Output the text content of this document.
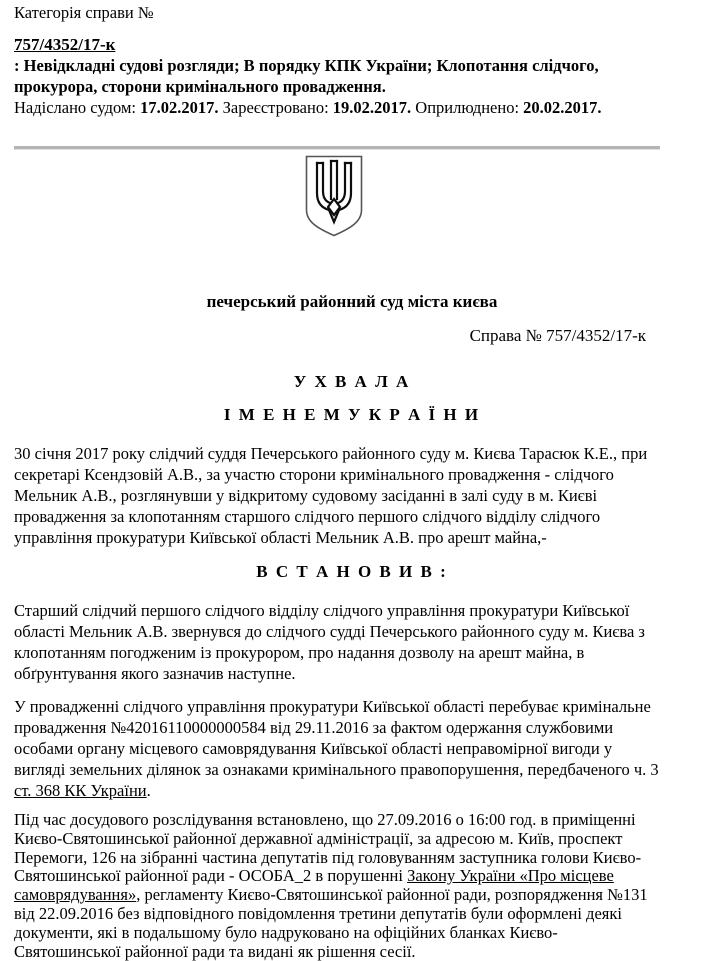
Категорія справи №
757/4352/17-к
: Невідкладні судові розгляди; В порядку КПК України; Клопотання слідчого, прокурора, сторони кримінального провадження.
Надіслано судом: 17.02.2017. Зареєстровано: 19.02.2017. Оприлюднено: 20.02.2017.
печерський районний суд міста києва
Справа № 757/4352/17-к
У Х В А Л А
І М Е Н Е М У К Р А Ї Н И

30 січня 2017 року слідчий суддя Печерського районного суду м. Києва Тарасюк К.Е., при секретарі Ксендзовій А.В., за участю сторони кримінального провадження - слідчого Мельник А.В., розглянувши у відкритому судовому засіданні в залі суду в м. Києві провадження за клопотанням старшого слідчого першого слідчого відділу слідчого управління прокуратури Київської області Мельник А.В. про арешт майна,-

В С Т А Н О В И В :

Старший слідчий першого слідчого відділу слідчого управління прокуратури Київської області Мельник А.В. звернувся до слідчого судді Печерського районного суду м. Києва з клопотанням погодженим із прокурором, про надання дозволу на арешт майна, в обґрунтування якого зазначив наступне.

У провадженні слідчого управління прокуратури Київської області перебуває кримінальне провадження №42016110000000584 від 29.11.2016 за фактом одержання службовими особами органу місцевого самоврядування Київської області неправомірної вигоди у вигляді земельних ділянок за ознаками кримінального правопорушення, передбаченого ч. 3 ст. 368 КК України.

Під час досудового розслідування встановлено, що 27.09.2016 о 16:00 год. в приміщенні Києво-Святошинської районної державної адміністрації, за адресою м. Київ, проспект Перемоги, 126 на зібранні частина депутатів під головуванням заступника голови Києво-Святошинської районної ради - ОСОБА_2 в порушенні Закону України «Про місцеве самоврядування», регламенту Києво-Святошинської районної ради, розпорядження №131 від 22.09.2016 без відповідного повідомлення третини депутатів були оформлені деякі документи, які в подальшому було надруковано на офіційних бланках Києво-Святошинської районної ради та видані як рішення сесії.
